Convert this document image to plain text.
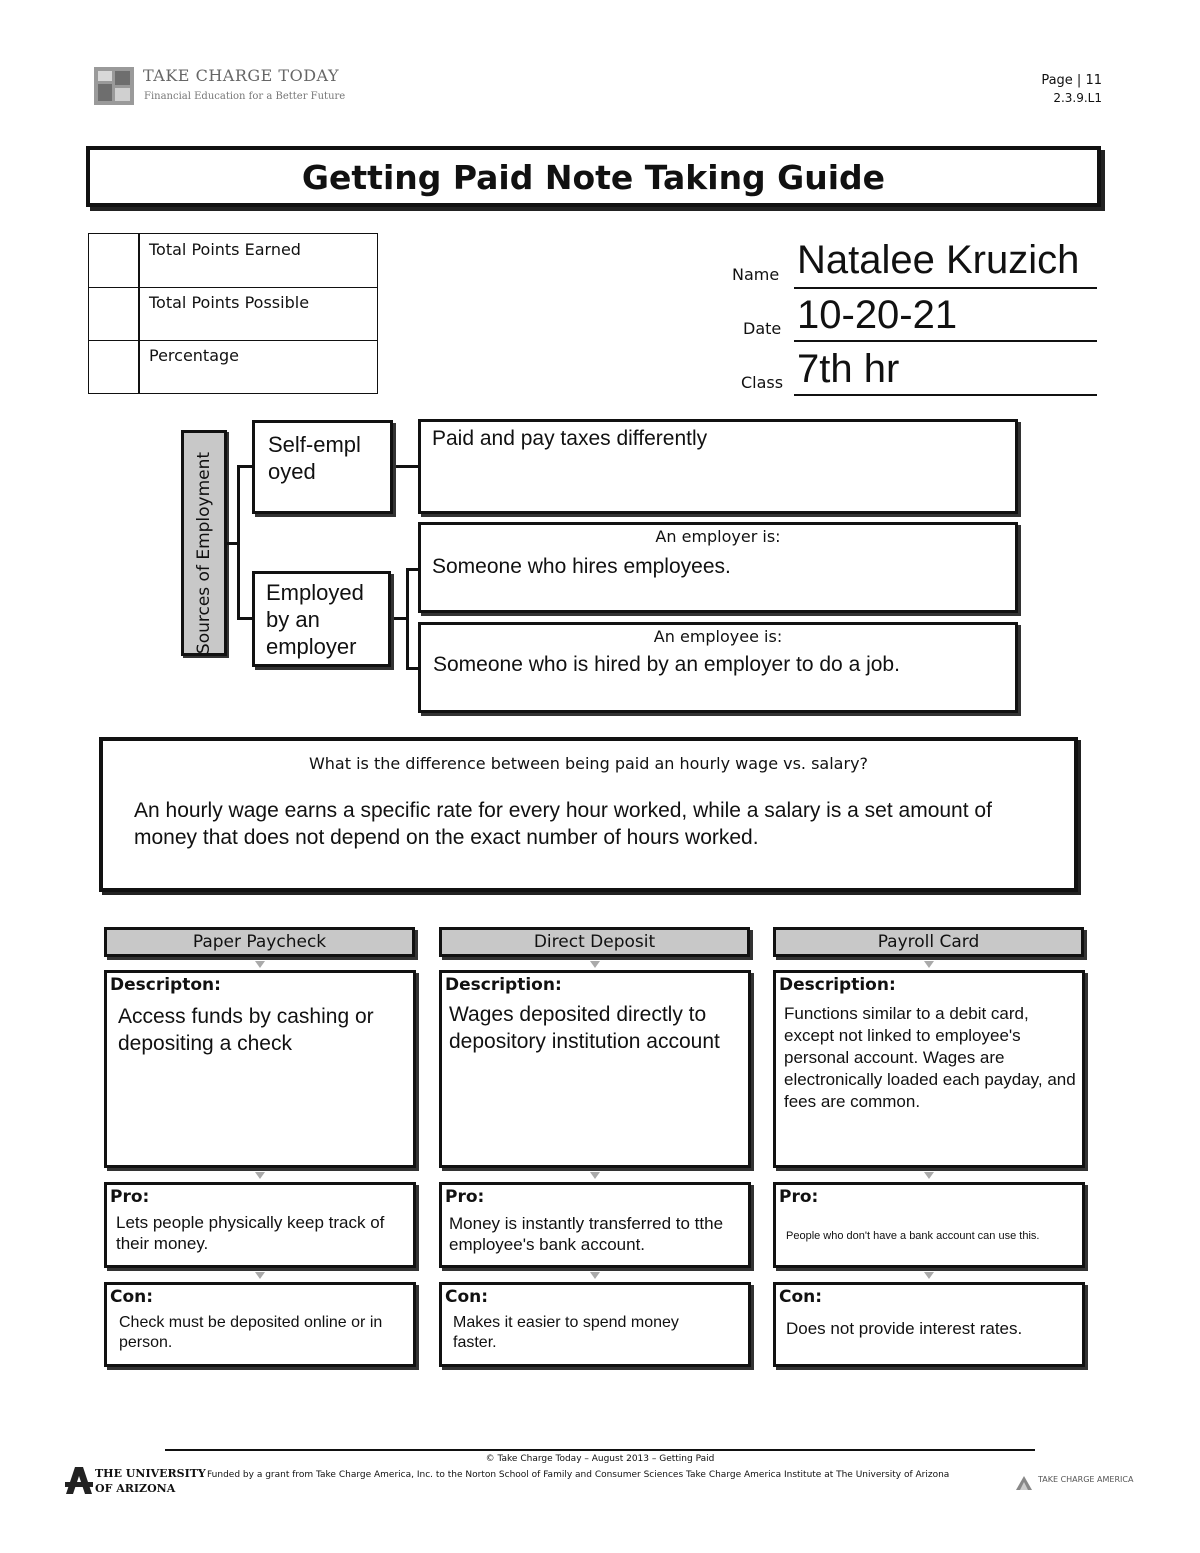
TAKE CHARGE TODAY
Financial Education for a Better Future
Page | 11
2.3.9.L1
Getting Paid Note Taking Guide
Total Points Earned
Total Points Possible
Percentage
Name Natalee Kruzich
Date 10-20-21
Class 7th hr
Sources of Employment
Self-empl oyed
Employed by an employer
Paid and pay taxes differently
An employer is:
Someone who hires employees.
An employee is:
Someone who is hired by an employer to do a job.
What is the difference between being paid an hourly wage vs. salary?
An hourly wage earns a specific rate for every hour worked, while a salary is a set amount of money that does not depend on the exact number of hours worked.
Paper Paycheck
Descripton:
Access funds by cashing or depositing a check
Pro:
Lets people physically keep track of their money.
Con:
Check must be deposited online or in person.
Direct Deposit
Description:
Wages deposited directly to depository institution account
Pro:
Money is instantly transferred to tthe employee's bank account.
Con:
Makes it easier to spend money faster.
Payroll Card
Description:
Functions similar to a debit card, except not linked to employee's personal account. Wages are electronically loaded each payday, and fees are common.
Pro:
People who don't have a bank account can use this.
Con:
Does not provide interest rates.
© Take Charge Today – August 2013 – Getting Paid
Funded by a grant from Take Charge America, Inc. to the Norton School of Family and Consumer Sciences Take Charge America Institute at The University of Arizona
THE UNIVERSITY
OF ARIZONA
TAKE CHARGE AMERICA
